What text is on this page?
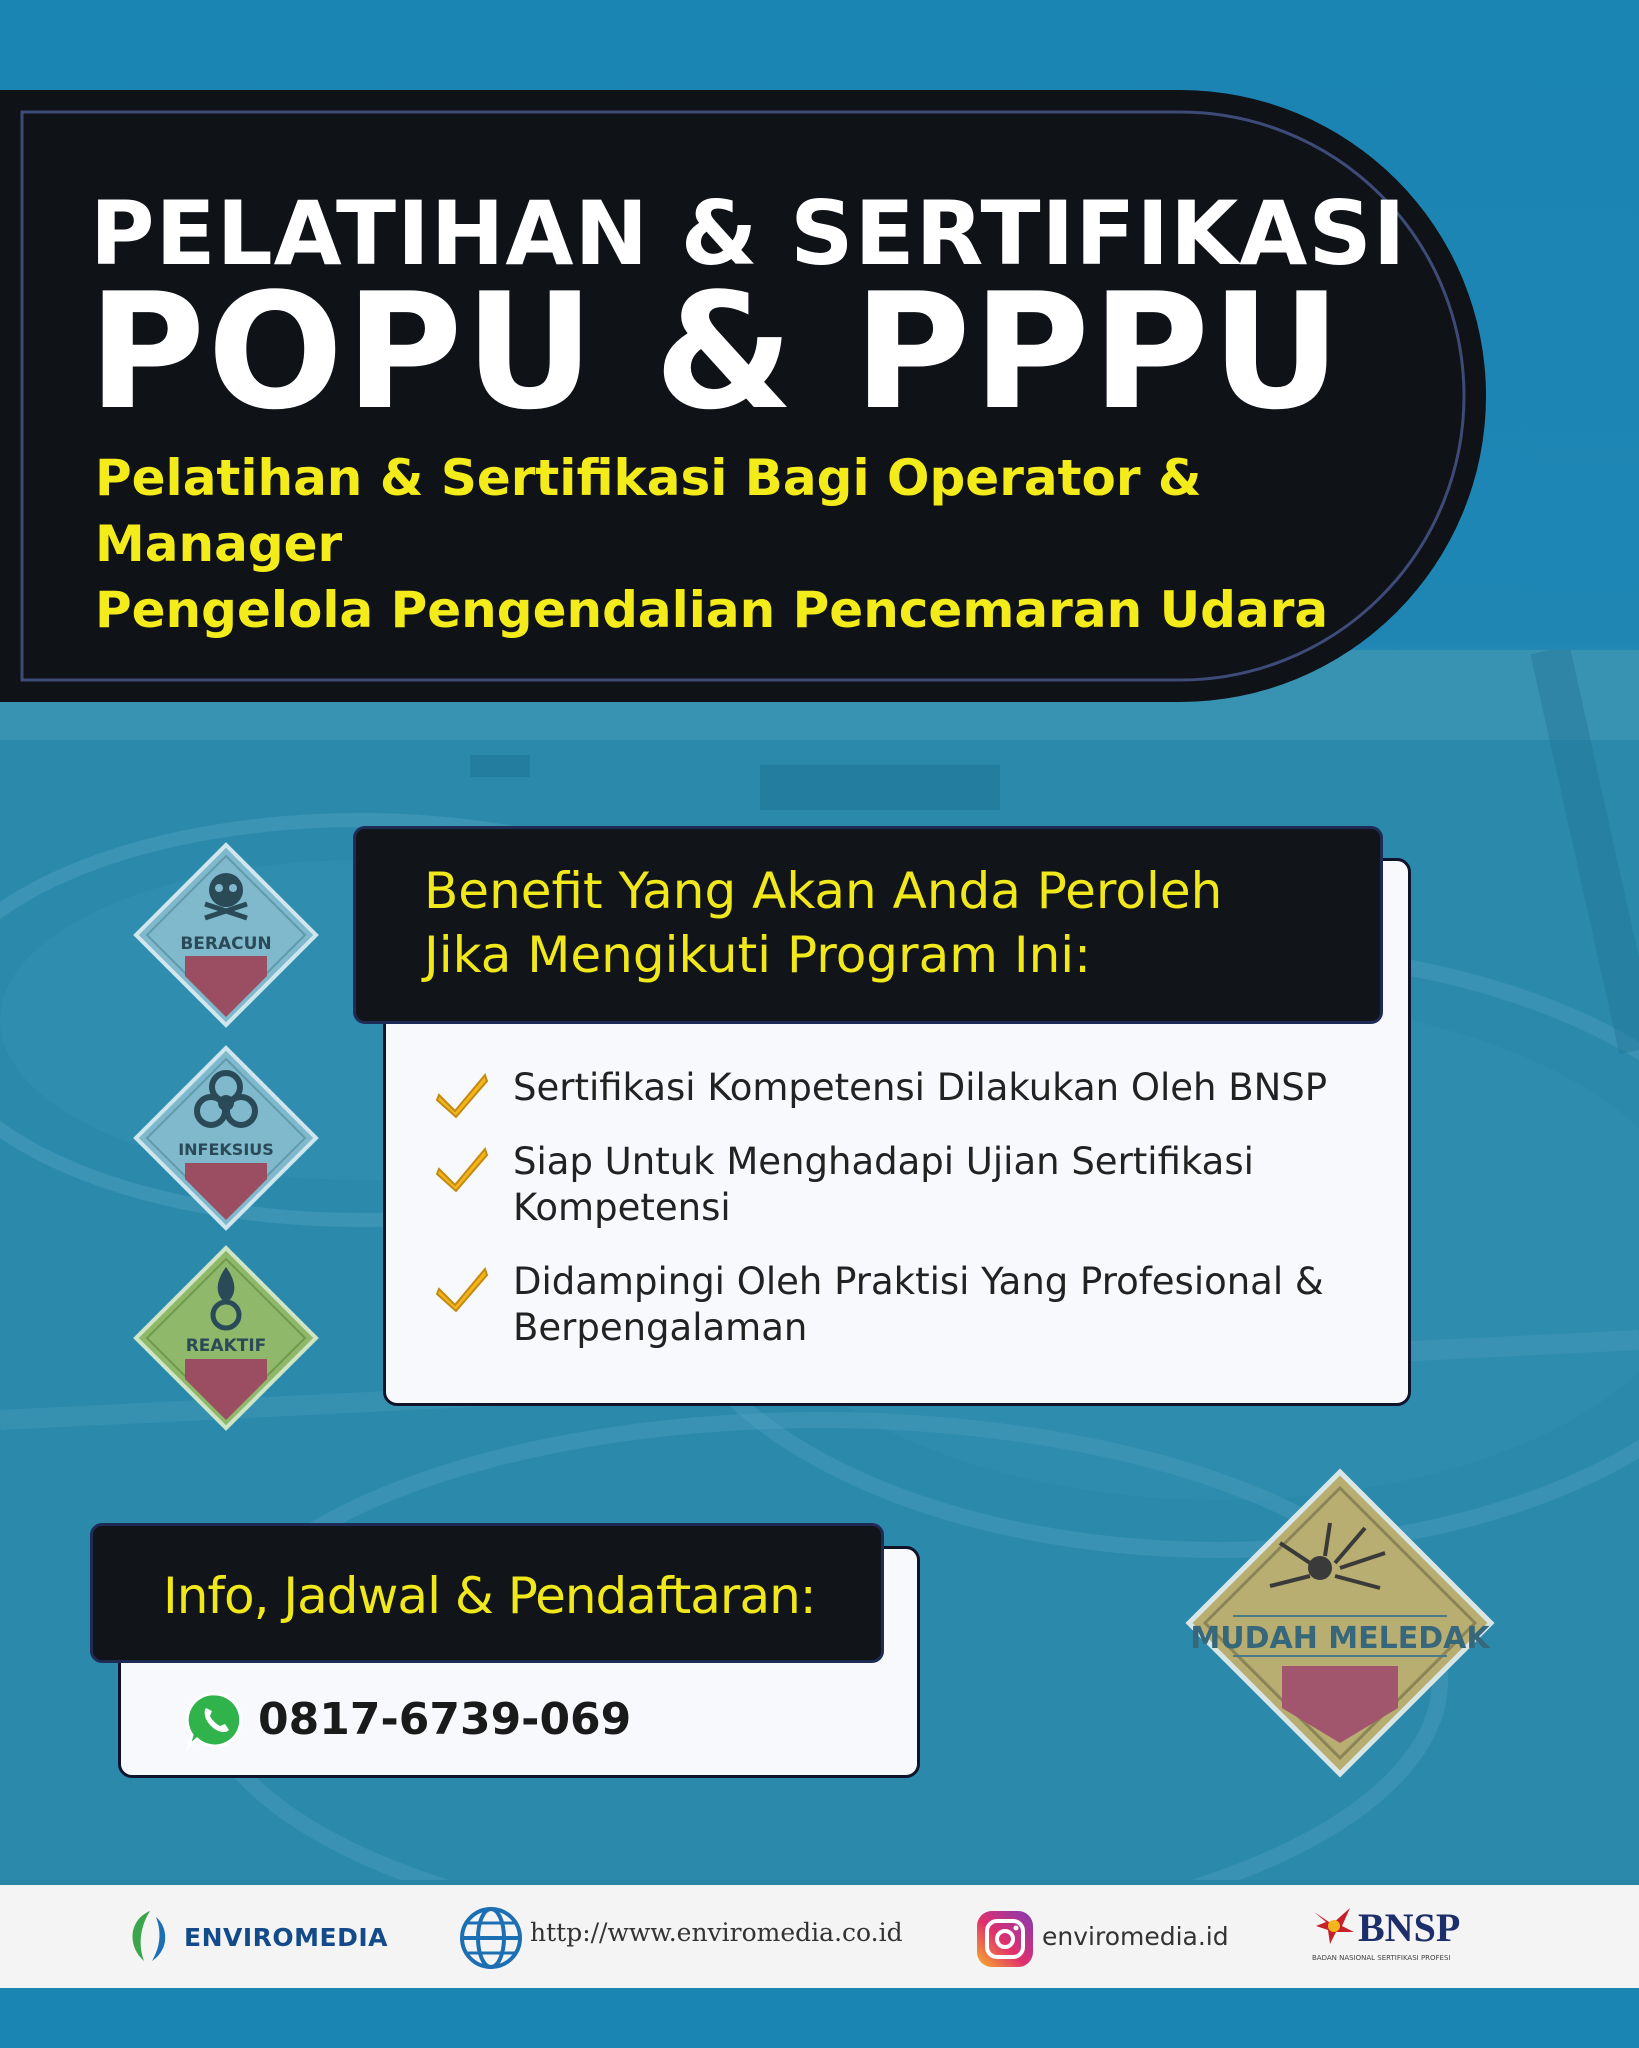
PELATIHAN & SERTIFIKASI
POPU & PPPU
Pelatihan & Sertifikasi Bagi Operator & Manager
Pengelola Pengendalian Pencemaran Udara
BERACUN
INFEKSIUS
REAKTIF
MUDAH MELEDAK
Benefit Yang Akan Anda Peroleh
Jika Mengikuti Program Ini:
Sertifikasi Kompetensi Dilakukan Oleh BNSP
Siap Untuk Menghadapi Ujian Sertifikasi Kompetensi
Didampingi Oleh Praktisi Yang Profesional & Berpengalaman
Info, Jadwal & Pendaftaran:
0817-6739-069
ENVIROMEDIA	http://www.enviromedia.co.id	enviromedia.id	BNSP
BADAN NASIONAL SERTIFIKASI PROFESI
